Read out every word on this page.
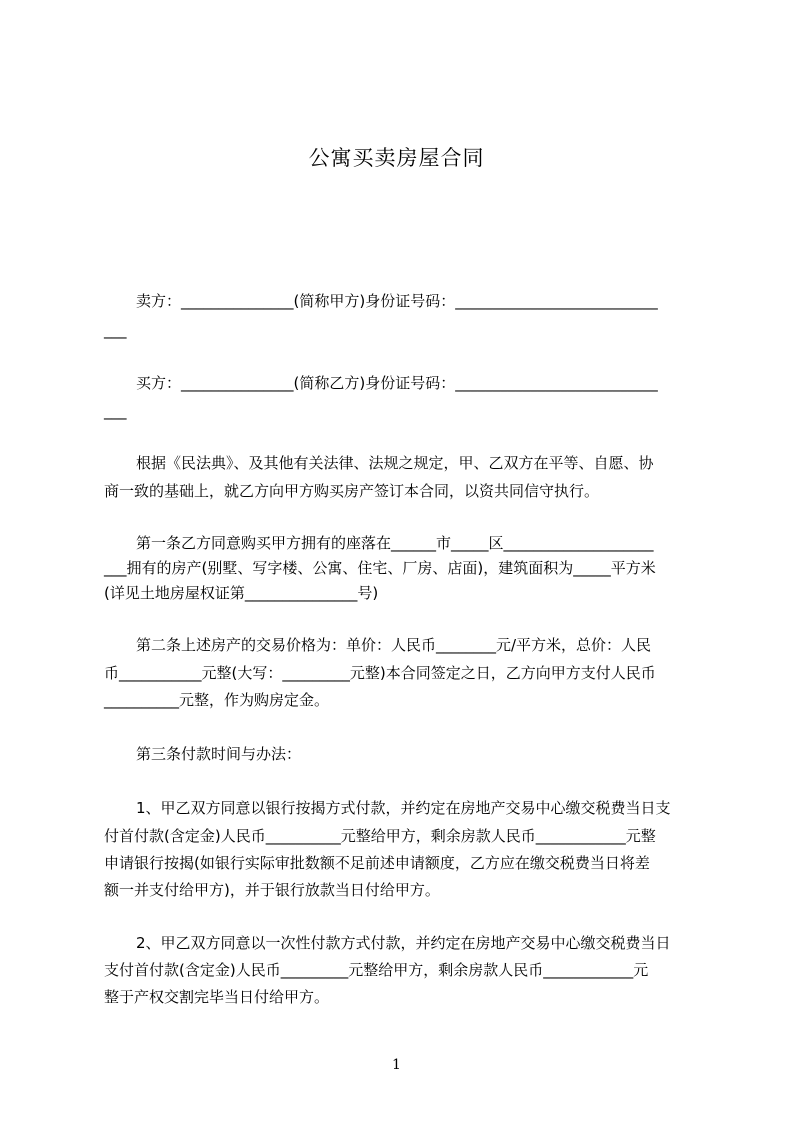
公寓买卖房屋合同
卖方：_______________(简称甲方)身份证号码：___________________________
___
买方：_______________(简称乙方)身份证号码：___________________________
___
根据《民法典》、及其他有关法律、法规之规定，甲、乙双方在平等、自愿、协
商一致的基础上，就乙方向甲方购买房产签订本合同，以资共同信守执行。
第一条乙方同意购买甲方拥有的座落在______市_____区____________________
___拥有的房产(别墅、写字楼、公寓、住宅、厂房、店面)，建筑面积为_____平方米
(详见土地房屋权证第_______________号)
第二条上述房产的交易价格为：单价：人民币________元/平方米，总价：人民
币___________元整(大写：_________元整)本合同签定之日，乙方向甲方支付人民币
__________元整，作为购房定金。
第三条付款时间与办法：
1、甲乙双方同意以银行按揭方式付款，并约定在房地产交易中心缴交税费当日支
付首付款(含定金)人民币__________元整给甲方，剩余房款人民币____________元整
申请银行按揭(如银行实际审批数额不足前述申请额度，乙方应在缴交税费当日将差
额一并支付给甲方)，并于银行放款当日付给甲方。
2、甲乙双方同意以一次性付款方式付款，并约定在房地产交易中心缴交税费当日
支付首付款(含定金)人民币_________元整给甲方，剩余房款人民币____________元
整于产权交割完毕当日付给甲方。
1
